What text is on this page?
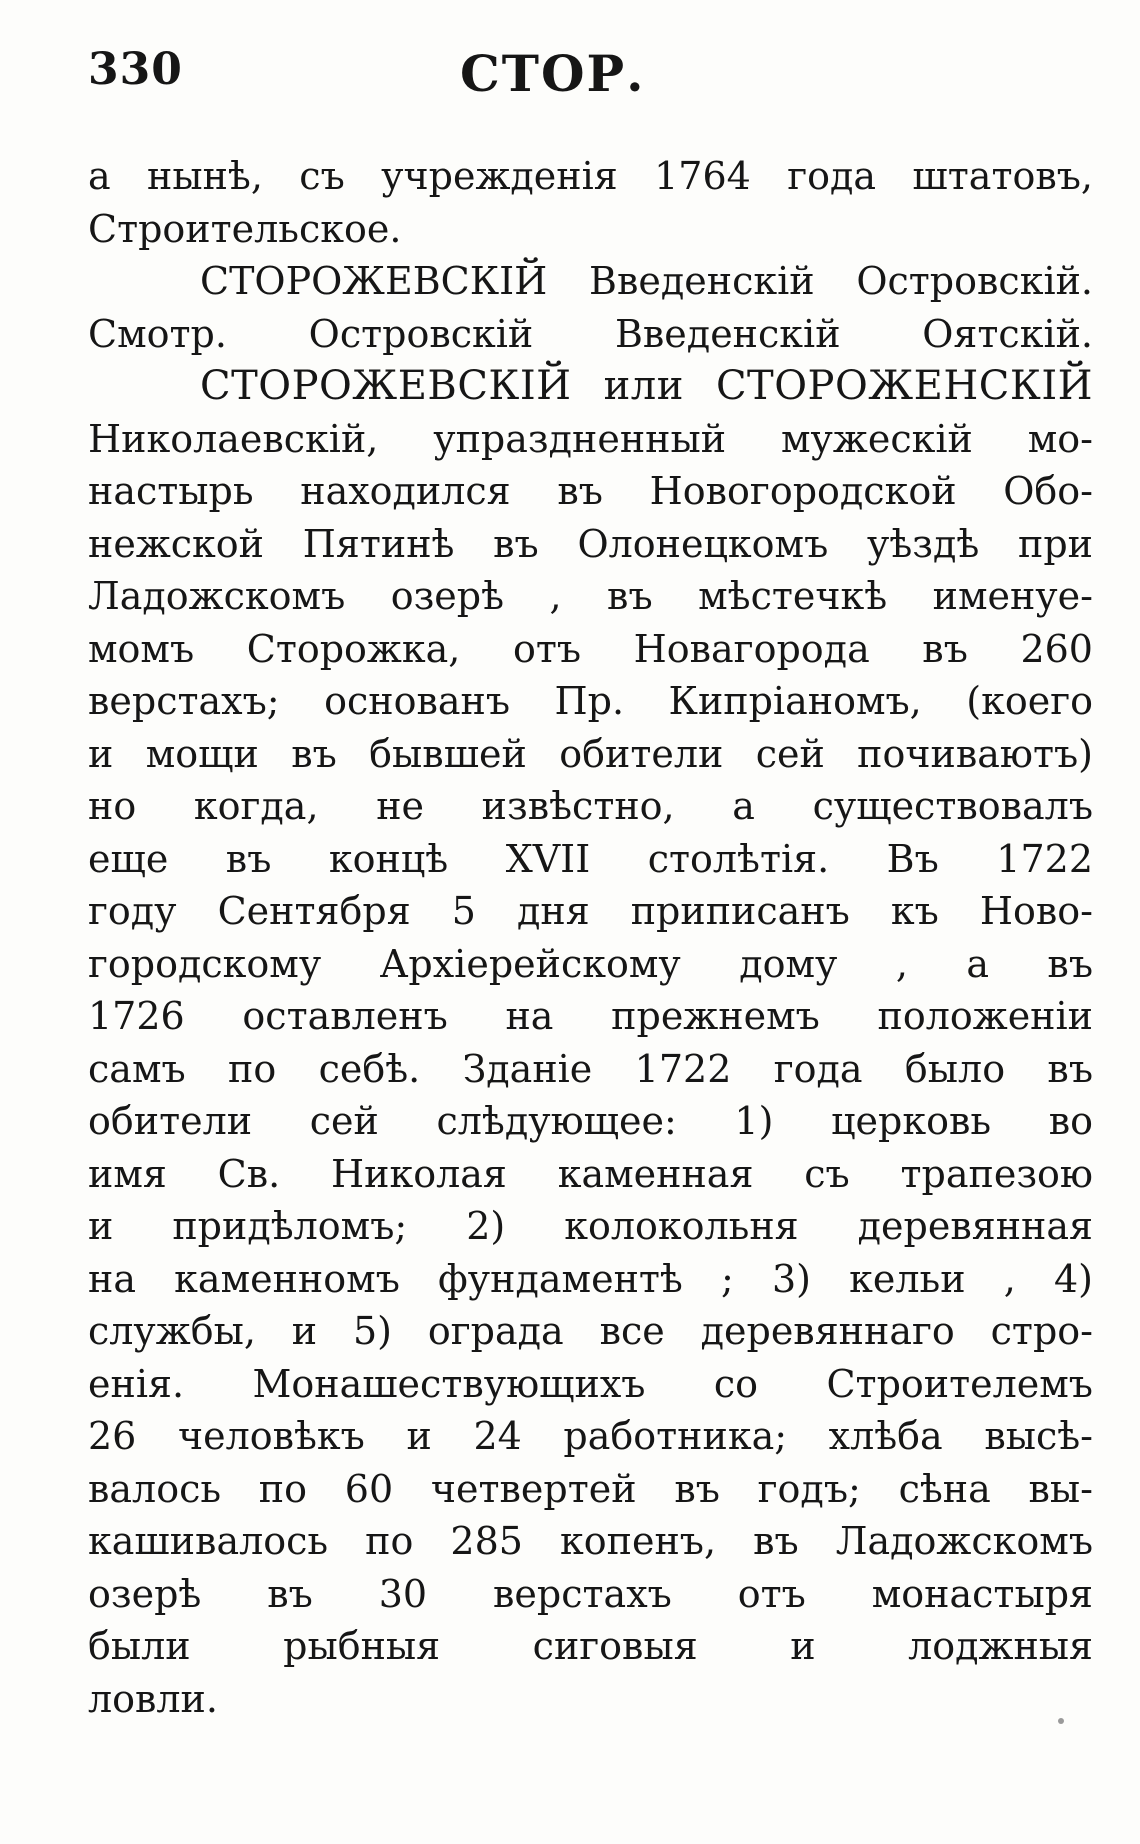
330	СТОР.
а нынѣ, съ учрежденія 1764 года штатовъ,
Строительское.
СТОРОЖЕВСКІЙ Введенскій Островскій.
Смотр. Островскій Введенскій Оятскій.
СТОРОЖЕВСКІЙ или СТОРОЖЕНСКІЙ
Николаевскій, упраздненный мужескій мо-
настырь находился въ Новогородской Обо-
нежской Пятинѣ въ Олонецкомъ уѣздѣ при
Ладожскомъ озерѣ , въ мѣстечкѣ именуе-
момъ Сторожка, отъ Новагорода въ 260
верстахъ; основанъ Пр. Кипріаномъ, (коего
и мощи въ бывшей обители сей почиваютъ)
но когда, не извѣстно, а существовалъ
еще въ концѣ XVII столѣтія. Въ 1722
году Сентября 5 дня приписанъ къ Ново-
городскому Архіерейскому дому , а въ
1726 оставленъ на прежнемъ положеніи
самъ по себѣ. Зданіе 1722 года было въ
обители сей слѣдующее: 1) церковь во
имя Св. Николая каменная съ трапезою
и придѣломъ; 2) колокольня деревянная
на каменномъ фундаментѣ ; 3) кельи , 4)
службы, и 5) ограда все деревяннаго стро-
енія. Монашествующихъ со Строителемъ
26 человѣкъ и 24 работника; хлѣба высѣ-
валось по 60 четвертей въ годъ; сѣна вы-
кашивалось по 285 копенъ, въ Ладожскомъ
озерѣ въ 30 верстахъ отъ монастыря
были рыбныя сиговыя и лоджныя
ловли.
